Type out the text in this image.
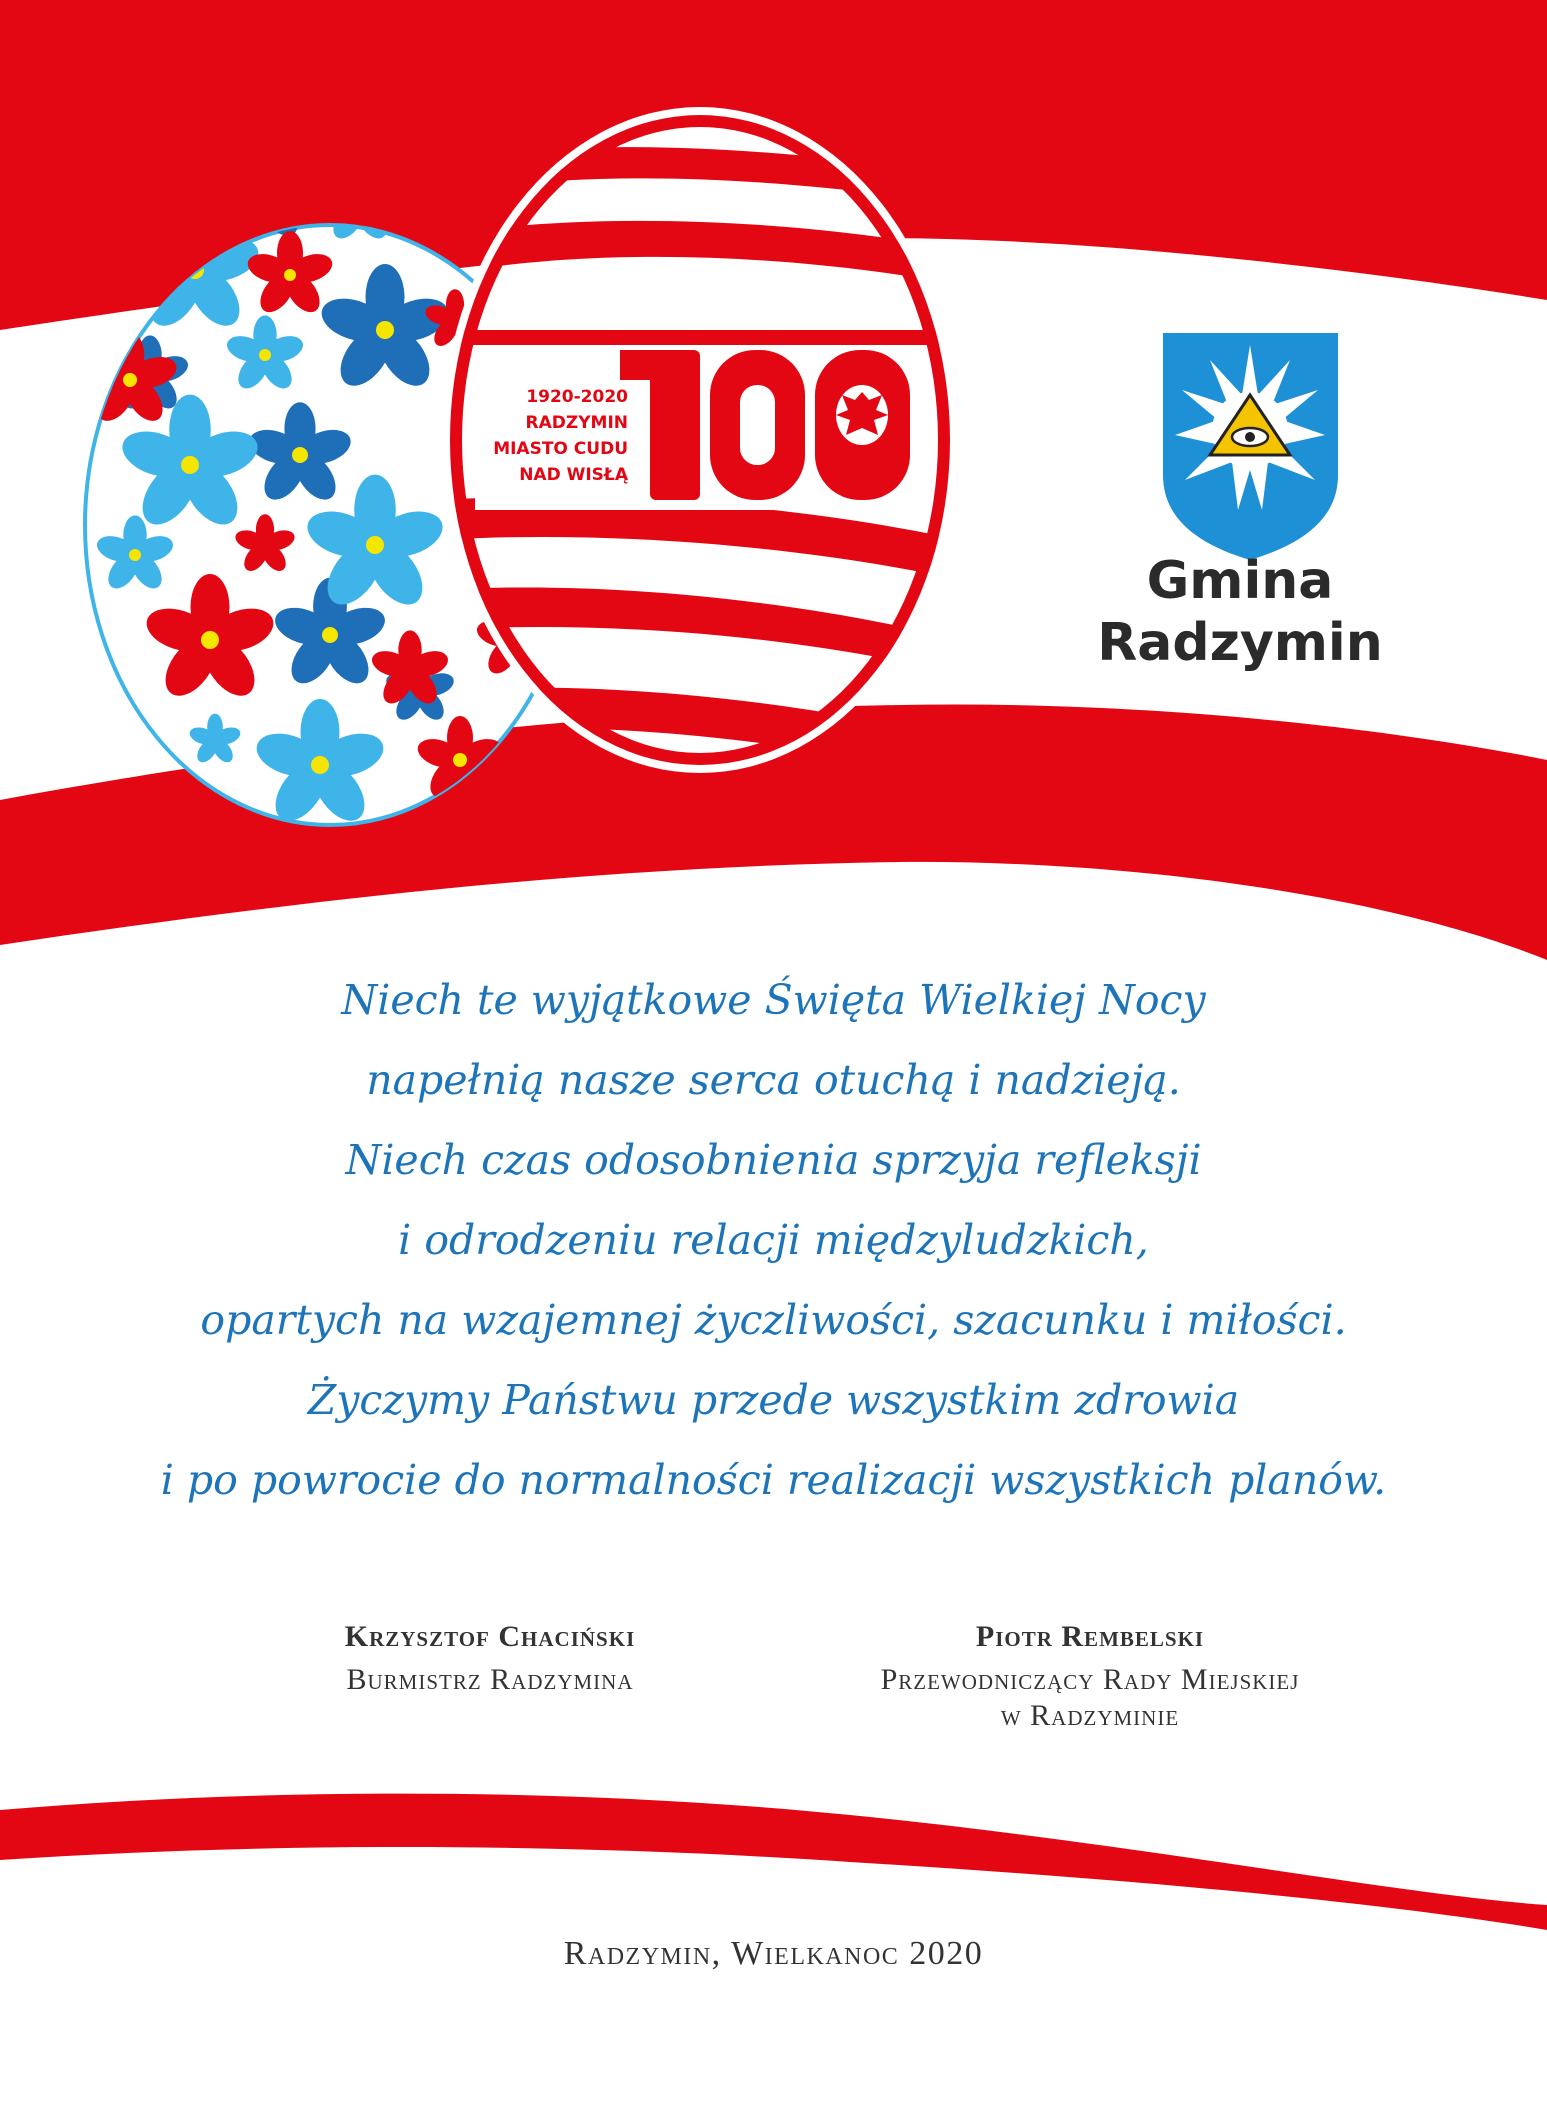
1920-2020
RADZYMIN
MIASTO CUDU
NAD WISŁĄ
Gmina
Radzymin
Niech te wyjątkowe Święta Wielkiej Nocy
napełnią nasze serca otuchą i nadzieją.
Niech czas odosobnienia sprzyja refleksji
i odrodzeniu relacji międzyludzkich,
opartych na wzajemnej życzliwości, szacunku i miłości.
Życzymy Państwu przede wszystkim zdrowia
i po powrocie do normalności realizacji wszystkich planów.
Krzysztof Chaciński
Burmistrz Radzymina
Piotr Rembelski
Przewodniczący Rady Miejskiej
w Radzyminie
Radzymin, Wielkanoc 2020
